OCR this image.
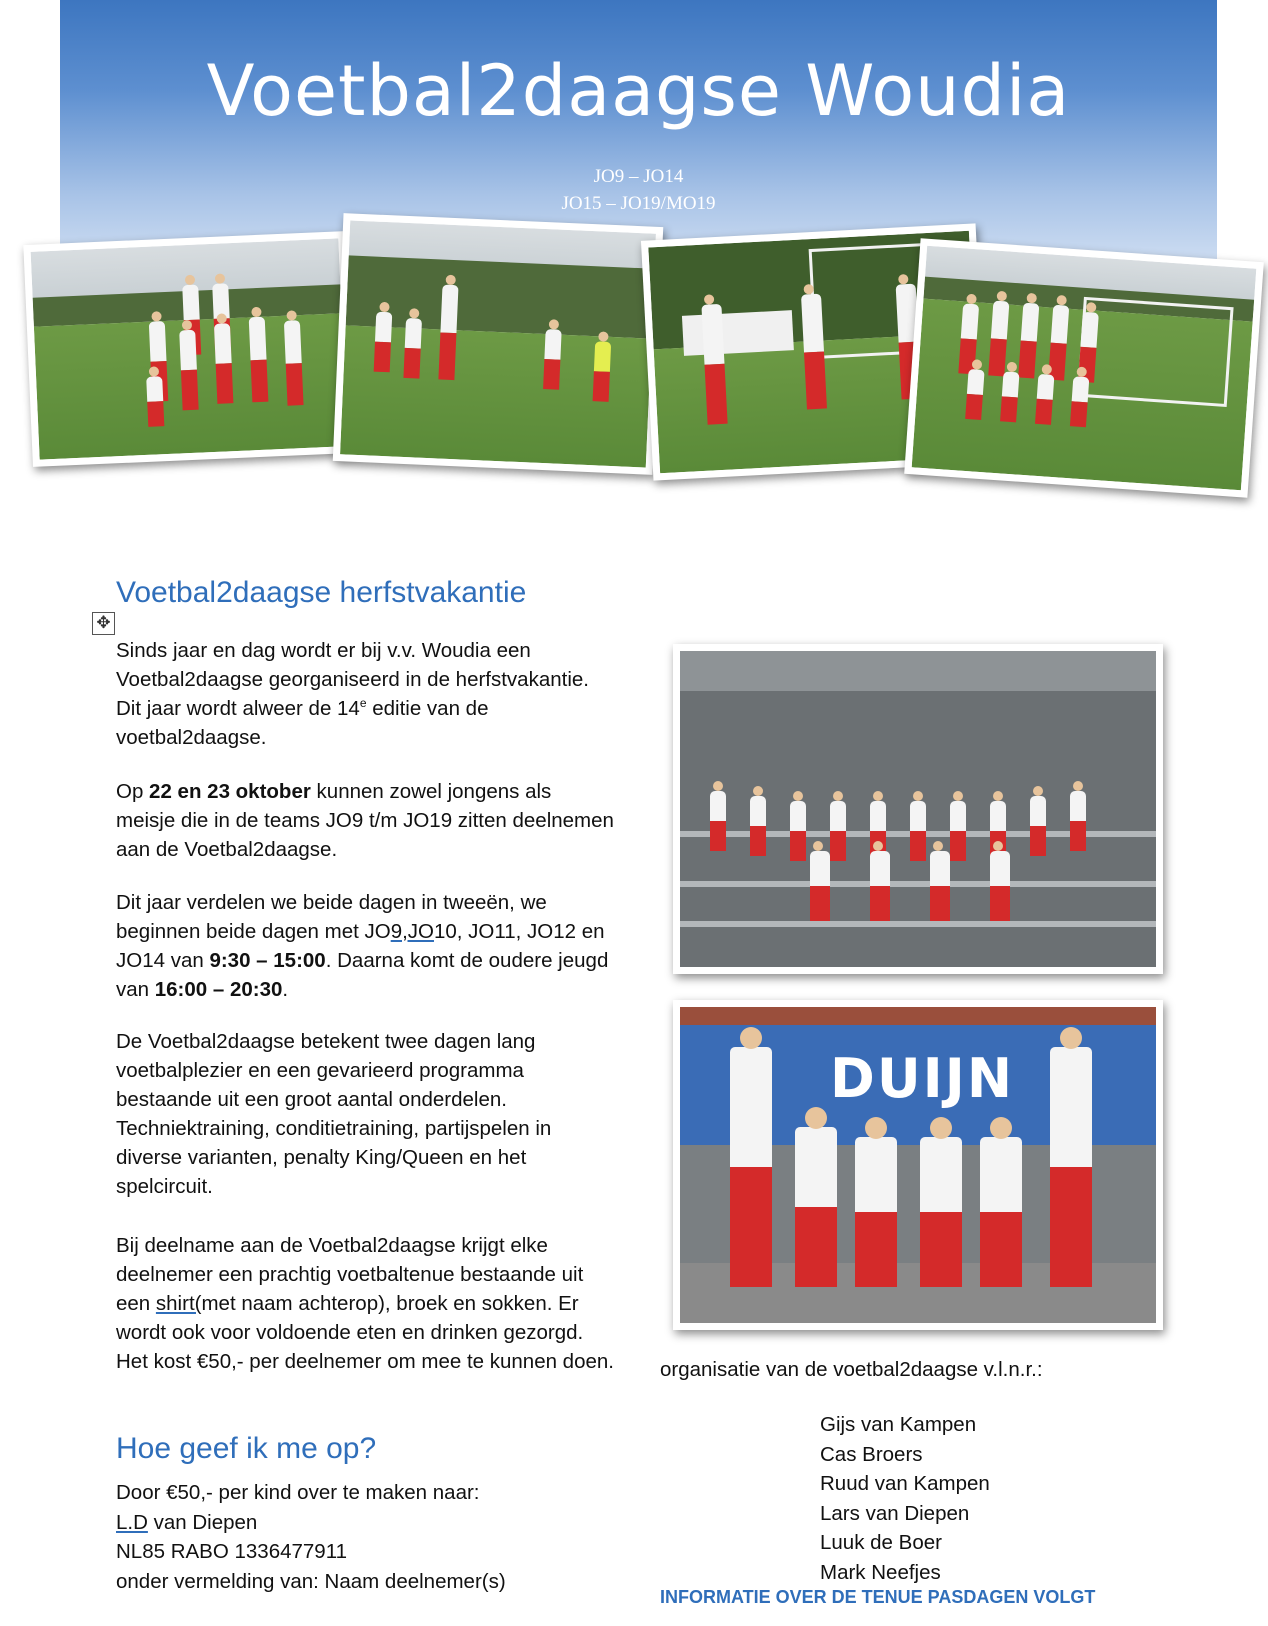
Voetbal2daagse Woudia
JO9 – JO14
JO15 – JO19/MO19
Voetbal2daagse herfstvakantie
✥
Sinds jaar en dag wordt er bij v.v. Woudia een Voetbal2daagse georganiseerd in de herfstvakantie. Dit jaar wordt alweer de 14e editie van de voetbal2daagse.
Op 22 en 23 oktober kunnen zowel jongens als meisje die in de teams JO9 t/m JO19 zitten deelnemen aan de Voetbal2daagse.
Dit jaar verdelen we beide dagen in tweeën, we beginnen beide dagen met JO9,JO10, JO11, JO12 en JO14 van 9:30 – 15:00. Daarna komt de oudere jeugd van 16:00 – 20:30.
De Voetbal2daagse betekent twee dagen lang voetbalplezier en een gevarieerd programma bestaande uit een groot aantal onderdelen. Techniektraining, conditietraining, partijspelen in diverse varianten, penalty King/Queen en het spelcircuit.
Bij deelname aan de Voetbal2daagse krijgt elke deelnemer een prachtig voetbaltenue bestaande uit een shirt(met naam achterop), broek en sokken. Er wordt ook voor voldoende eten en drinken gezorgd. Het kost €50,- per deelnemer om mee te kunnen doen.
Hoe geef ik me op?
Door €50,- per kind over te maken naar:
L.D van Diepen
NL85 RABO 1336477911
onder vermelding van: Naam deelnemer(s)
DUIJN
organisatie van de voetbal2daagse v.l.n.r.:
Gijs van Kampen
Cas Broers
Ruud van Kampen
Lars van Diepen
Luuk de Boer
Mark Neefjes
INFORMATIE OVER DE TENUE PASDAGEN VOLGT
